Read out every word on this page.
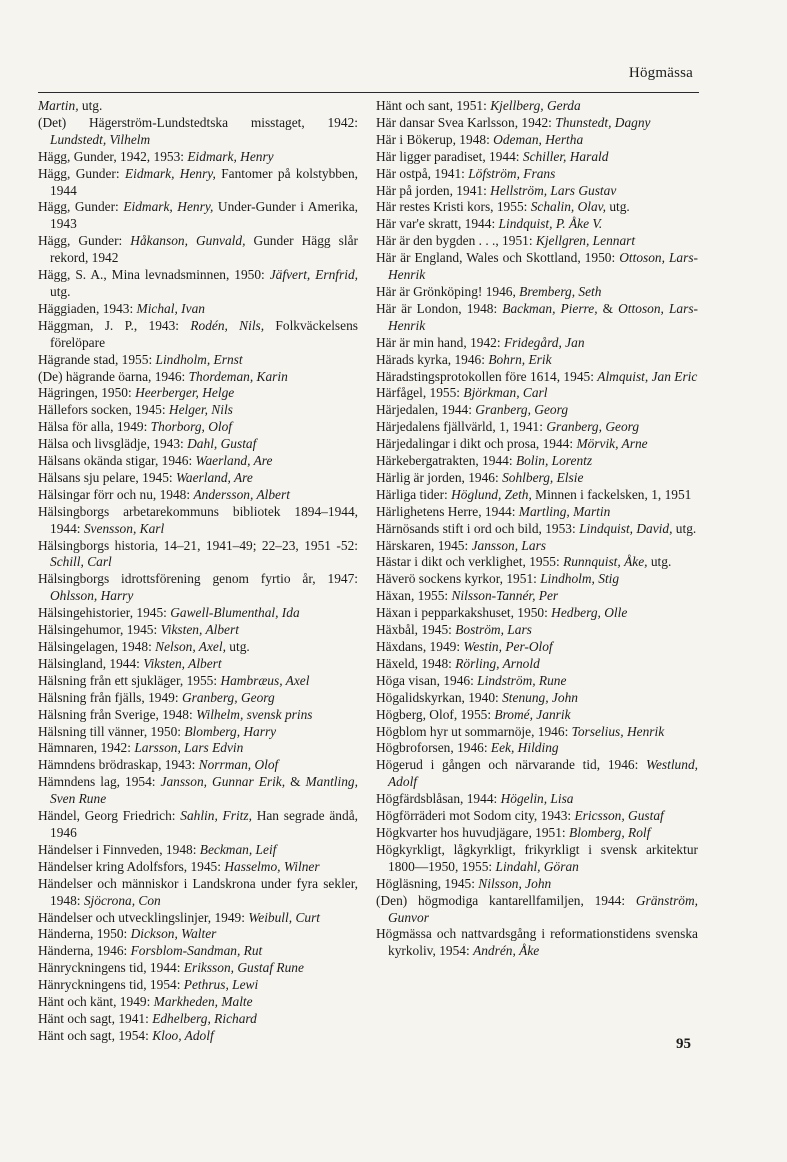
Högmässa
Martin, utg.
(Det) Hägerström-Lundstedtska misstaget, 1942: Lundstedt, Vilhelm
Hägg, Gunder, 1942, 1953: Eidmark, Henry
Hägg, Gunder: Eidmark, Henry, Fantomer på kolstybben, 1944
Hägg, Gunder: Eidmark, Henry, Under-Gunder i Amerika, 1943
Hägg, Gunder: Håkanson, Gunvald, Gunder Hägg slår rekord, 1942
Hägg, S. A., Mina levnadsminnen, 1950: Jäfvert, Ernfrid, utg.
Häggiaden, 1943: Michal, Ivan
Häggman, J. P., 1943: Rodén, Nils, Folkväckelsens förelöpare
Hägrande stad, 1955: Lindholm, Ernst
(De) hägrande öarna, 1946: Thordeman, Karin
Hägringen, 1950: Heerberger, Helge
Hällefors socken, 1945: Helger, Nils
Hälsa för alla, 1949: Thorborg, Olof
Hälsa och livsglädje, 1943: Dahl, Gustaf
Hälsans okända stigar, 1946: Waerland, Are
Hälsans sju pelare, 1945: Waerland, Are
Hälsingar förr och nu, 1948: Andersson, Albert
Hälsingborgs arbetarekommuns bibliotek 1894–1944, 1944: Svensson, Karl
Hälsingborgs historia, 14–21, 1941–49; 22–23, 1951 -52: Schill, Carl
Hälsingborgs idrottsförening genom fyrtio år, 1947: Ohlsson, Harry
Hälsingehistorier, 1945: Gawell-Blumenthal, Ida
Hälsingehumor, 1945: Viksten, Albert
Hälsingelagen, 1948: Nelson, Axel, utg.
Hälsingland, 1944: Viksten, Albert
Hälsning från ett sjukläger, 1955: Hambræus, Axel
Hälsning från fjälls, 1949: Granberg, Georg
Hälsning från Sverige, 1948: Wilhelm, svensk prins
Hälsning till vänner, 1950: Blomberg, Harry
Hämnaren, 1942: Larsson, Lars Edvin
Hämndens brödraskap, 1943: Norrman, Olof
Hämndens lag, 1954: Jansson, Gunnar Erik, & Mantling, Sven Rune
Händel, Georg Friedrich: Sahlin, Fritz, Han segrade ändå, 1946
Händelser i Finnveden, 1948: Beckman, Leif
Händelser kring Adolfsfors, 1945: Hasselmo, Wilner
Händelser och människor i Landskrona under fyra sekler, 1948: Sjöcrona, Con
Händelser och utvecklingslinjer, 1949: Weibull, Curt
Händerna, 1950: Dickson, Walter
Händerna, 1946: Forsblom-Sandman, Rut
Hänryckningens tid, 1944: Eriksson, Gustaf Rune
Hänryckningens tid, 1954: Pethrus, Lewi
Hänt och känt, 1949: Markheden, Malte
Hänt och sagt, 1941: Edhelberg, Richard
Hänt och sagt, 1954: Kloo, Adolf
Hänt och sant, 1951: Kjellberg, Gerda
Här dansar Svea Karlsson, 1942: Thunstedt, Dagny
Här i Bökerup, 1948: Odeman, Hertha
Här ligger paradiset, 1944: Schiller, Harald
Här ostpå, 1941: Löfström, Frans
Här på jorden, 1941: Hellström, Lars Gustav
Här restes Kristi kors, 1955: Schalin, Olav, utg.
Här var'e skratt, 1944: Lindquist, P. Åke V.
Här är den bygden . . ., 1951: Kjellgren, Lennart
Här är England, Wales och Skottland, 1950: Ottoson, Lars-Henrik
Här är Grönköping! 1946, Bremberg, Seth
Här är London, 1948: Backman, Pierre, & Ottoson, Lars-Henrik
Här är min hand, 1942: Fridegård, Jan
Härads kyrka, 1946: Bohrn, Erik
Häradstingsprotokollen före 1614, 1945: Almquist, Jan Eric
Härfågel, 1955: Björkman, Carl
Härjedalen, 1944: Granberg, Georg
Härjedalens fjällvärld, 1, 1941: Granberg, Georg
Härjedalingar i dikt och prosa, 1944: Mörvik, Arne
Härkebergatrakten, 1944: Bolin, Lorentz
Härlig är jorden, 1946: Sohlberg, Elsie
Härliga tider: Höglund, Zeth, Minnen i fackelsken, 1, 1951
Härlighetens Herre, 1944: Martling, Martin
Härnösands stift i ord och bild, 1953: Lindquist, David, utg.
Härskaren, 1945: Jansson, Lars
Hästar i dikt och verklighet, 1955: Runnquist, Åke, utg.
Häverö sockens kyrkor, 1951: Lindholm, Stig
Häxan, 1955: Nilsson-Tannér, Per
Häxan i pepparkakshuset, 1950: Hedberg, Olle
Häxbål, 1945: Boström, Lars
Häxdans, 1949: Westin, Per-Olof
Häxeld, 1948: Rörling, Arnold
Höga visan, 1946: Lindström, Rune
Högalidskyrkan, 1940: Stenung, John
Högberg, Olof, 1955: Bromé, Janrik
Högblom hyr ut sommarnöje, 1946: Torselius, Henrik
Högbroforsen, 1946: Eek, Hilding
Högerud i gången och närvarande tid, 1946: Westlund, Adolf
Högfärdsblåsan, 1944: Högelin, Lisa
Högförräderi mot Sodom city, 1943: Ericsson, Gustaf
Högkvarter hos huvudjägare, 1951: Blomberg, Rolf
Högkyrkligt, lågkyrkligt, frikyrkligt i svensk arkitektur 1800—1950, 1955: Lindahl, Göran
Högläsning, 1945: Nilsson, John
(Den) högmodiga kantarellfamiljen, 1944: Gränström, Gunvor
Högmässa och nattvardsgång i reformationstidens svenska kyrkoliv, 1954: Andrén, Åke
95
